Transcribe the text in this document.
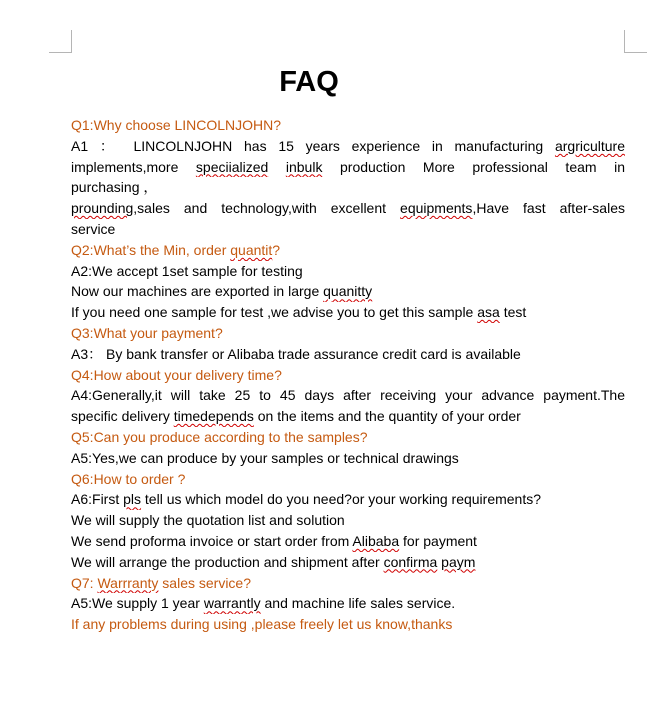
FAQ
Q1:Why choose LINCOLNJOHN?
A1 ： LINCOLNJOHN has 15 years experience in manufacturing argriculture
implements,more speciialized inbulk production More professional team in
purchasing ，
prounding,sales and technology,with excellent equipments,Have fast after-sales
service
Q2:What’s the Min, order quantit?
A2:We accept 1set sample for testing
Now our machines are exported in large quanitty
If you need one sample for test ,we advise you to get this sample asa test
Q3:What your payment?
A3： By bank transfer or Alibaba trade assurance credit card is available
Q4:How about your delivery time?
A4:Generally,it will take 25 to 45 days after receiving your advance payment.The
specific delivery timedepends on the items and the quantity of your order
Q5:Can you produce according to the samples?
A5:Yes,we can produce by your samples or technical drawings
Q6:How to order ?
A6:First pls tell us which model do you need?or your working requirements?
We will supply the quotation list and solution
We send proforma invoice or start order from Alibaba for payment
We will arrange the production and shipment after confirma paym
Q7: Warrranty sales service?
A5:We supply 1 year warrantly and machine life sales service.
If any problems during using ,please freely let us know,thanks
